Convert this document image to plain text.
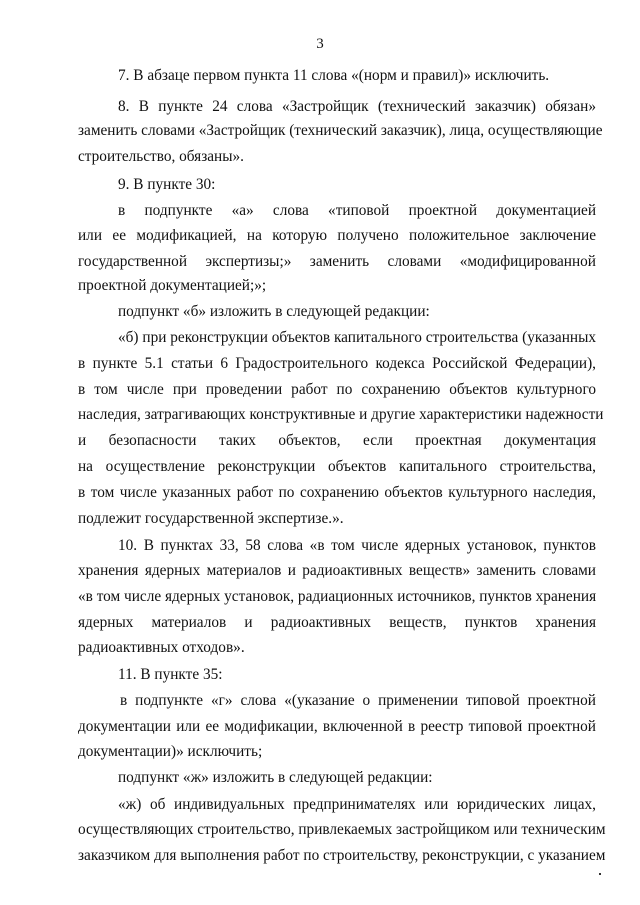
3
7. В абзаце первом пункта 11 слова «(норм и правил)» исключить.
8. В пункте 24 слова «Застройщик (технический заказчик) обязан»
заменить словами «Застройщик (технический заказчик), лица, осуществляющие
строительство, обязаны».
9. В пункте 30:
в подпункте «а» слова «типовой проектной документацией
или ее модификацией, на которую получено положительное заключение
государственной экспертизы;» заменить словами «модифицированной
проектной документацией;»;
подпункт «б» изложить в следующей редакции:
«б) при реконструкции объектов капитального строительства (указанных
в пункте 5.1 статьи 6 Градостроительного кодекса Российской Федерации),
в том числе при проведении работ по сохранению объектов культурного
наследия, затрагивающих конструктивные и другие характеристики надежности
и безопасности таких объектов, если проектная документация
на осуществление реконструкции объектов капитального строительства,
в том числе указанных работ по сохранению объектов культурного наследия,
подлежит государственной экспертизе.».
10. В пунктах 33, 58 слова «в том числе ядерных установок, пунктов
хранения ядерных материалов и радиоактивных веществ» заменить словами
«в том числе ядерных установок, радиационных источников, пунктов хранения
ядерных материалов и радиоактивных веществ, пунктов хранения
радиоактивных отходов».
11. В пункте 35:
в подпункте «г» слова «(указание о применении типовой проектной
документации или ее модификации, включенной в реестр типовой проектной
документации)» исключить;
подпункт «ж» изложить в следующей редакции:
«ж) об индивидуальных предпринимателях или юридических лицах,
осуществляющих строительство, привлекаемых застройщиком или техническим
заказчиком для выполнения работ по строительству, реконструкции, с указанием
